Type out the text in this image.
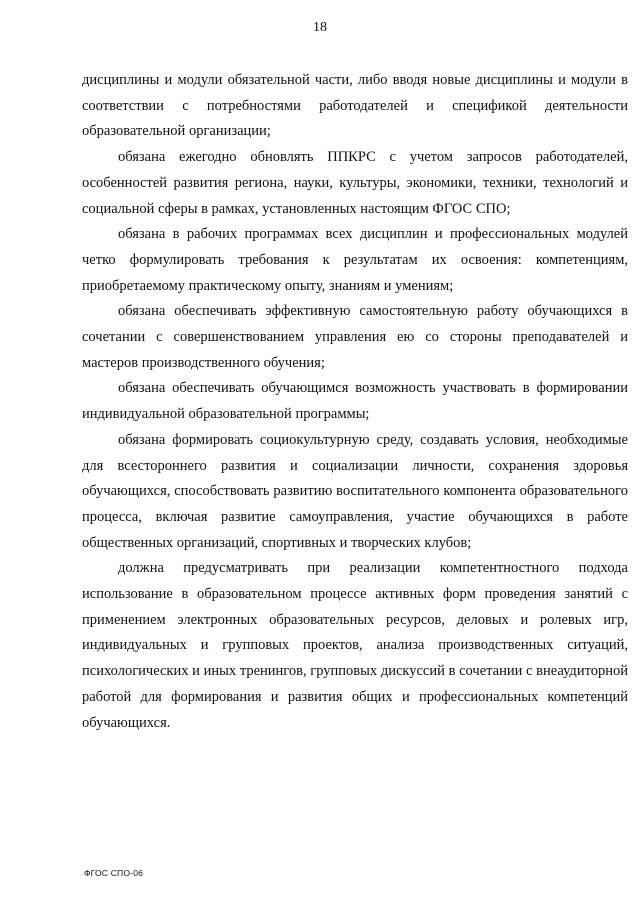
18

дисциплины и модули обязательной части, либо вводя новые дисциплины и модули в соответствии с потребностями работодателей и спецификой деятельности образовательной организации;

обязана ежегодно обновлять ППКРС с учетом запросов работодателей, особенностей развития региона, науки, культуры, экономики, техники, технологий и социальной сферы в рамках, установленных настоящим ФГОС СПО;

обязана в рабочих программах всех дисциплин и профессиональных модулей четко формулировать требования к результатам их освоения: компетенциям, приобретаемому практическому опыту, знаниям и умениям;

обязана обеспечивать эффективную самостоятельную работу обучающихся в сочетании с совершенствованием управления ею со стороны преподавателей и мастеров производственного обучения;

обязана обеспечивать обучающимся возможность участвовать в формировании индивидуальной образовательной программы;

обязана формировать социокультурную среду, создавать условия, необходимые для всестороннего развития и социализации личности, сохранения здоровья обучающихся, способствовать развитию воспитательного компонента образовательного процесса, включая развитие самоуправления, участие обучающихся в работе общественных организаций, спортивных и творческих клубов;

должна предусматривать при реализации компетентностного подхода использование в образовательном процессе активных форм проведения занятий с применением электронных образовательных ресурсов, деловых и ролевых игр, индивидуальных и групповых проектов, анализа производственных ситуаций, психологических и иных тренингов, групповых дискуссий в сочетании с внеаудиторной работой для формирования и развития общих и профессиональных компетенций обучающихся.

ФГОС СПО-06
